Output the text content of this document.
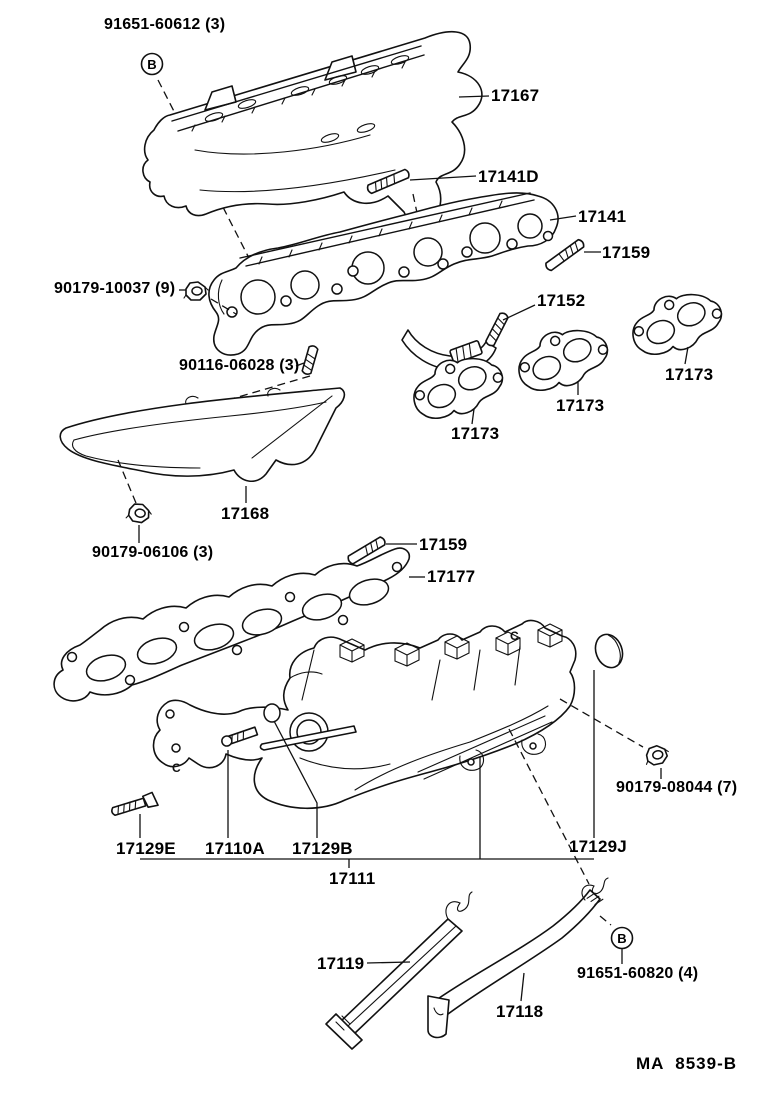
B
C
C
B
91651-60612 (3)
17167
17141D
17141
17159
90179-10037 (9)
17152
17173
17173
90116-06028 (3)
17173
17168
90179-06106 (3)	17159
17177
90179-08044 (7)
17129E 17110A 17129B	17129J
17111
17119
17118
91651-60820 (4)
MA  8539-B
